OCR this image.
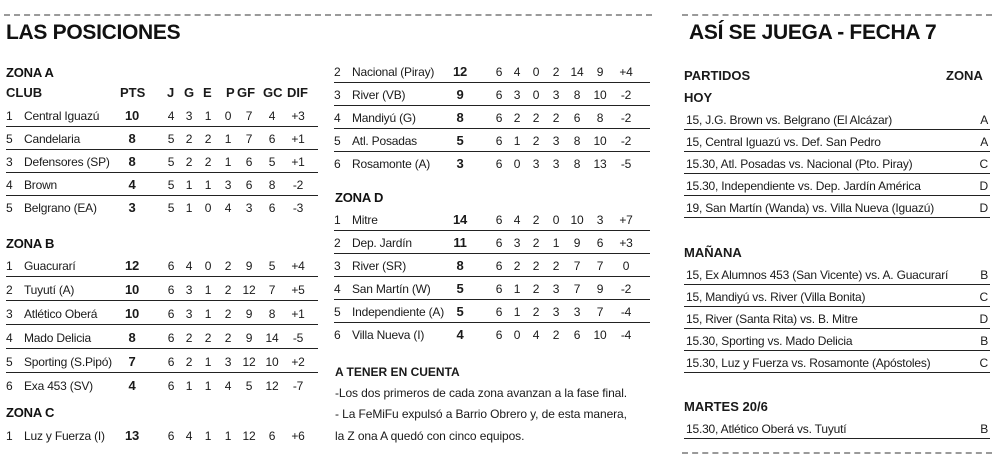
LAS POSICIONES	ASÍ SE JUEGA - FECHA 7
ZONA A
CLUB	PTS J G E P GF GC DIF
ZONA B
ZONA C
ZONA D
A TENER EN CUENTA
-Los dos primeros de cada zona avanzan a la fase final.
- La FeMiFu expulsó a Barrio Obrero y, de esta manera,
la Z ona A quedó con cinco equipos.
PARTIDOS	ZONA
HOY
MAÑANA
MARTES 20/6
1 Central Iguazú 10	4 3	1	0	7	4	+3
5 Candelaria	8	5 2	2	1	7	6	+1
3 Defensores (SP)	8	5 2	2	1	6	5	+1
4 Brown	4	5 1	1	3	6	8	-2
5 Belgrano (EA)	3	5 1	0	4	3	6	-3
1 Guacurarí	12	6 4	0	2	9	5	+4
2 Tuyutí (A)	10	6 3	1	2 12	7	+5
3 Atlético Oberá 10	6 3	1	2	9	8	+1
4 Mado Delicia	8	6 2	2	2	9	14	-5
5 Sporting (S.Pipó)	7	6 2	1	3 12 10 +2
6 Exa 453 (SV)	4	6 1	1	4	5	12	-7
1 Luz y Fuerza (I) 13	6 4	1	1 12	6	+6
2 Nacional (Piray) 12	6 4	0	2 14	9	+4
3 River (VB)	9	6 3	0	3	8	10	-2
4 Mandiyú (G)	8	6 2	2	2	6	8	-2
5 Atl. Posadas	5	6 1	2	3	8	10	-2
6 Rosamonte (A)	3	6 0	3	3	8	13	-5
1 Mitre	14	6 4	2	0 10	3	+7
2 Dep. Jardín	11	6 3	2	1	9	6	+3
3 River (SR)	8	6 2	2	2	7	7	0
4 San Martín (W)	5	6 1	2	3	7	9	-2
5 Independiente (A) 5	6 1	2	3	3	7	-4
6 Villa Nueva (I)	4	6 0	4	2	6	10	-4
15, J.G. Brown vs. Belgrano (El Alcázar)	A
15, Central Iguazú vs. Def. San Pedro	A
15.30, Atl. Posadas vs. Nacional (Pto. Piray)	C
15.30, Independiente vs. Dep. Jardín América	D
19, San Martín (Wanda) vs. Villa Nueva (Iguazú)	D
15, Ex Alumnos 453 (San Vicente) vs. A. Guacurarí	B
15, Mandiyú vs. River (Villa Bonita)	C
15, River (Santa Rita) vs. B. Mitre	D
15.30, Sporting vs. Mado Delicia	B
15.30, Luz y Fuerza vs. Rosamonte (Apóstoles)	C
15.30, Atlético Oberá vs. Tuyutí	B
